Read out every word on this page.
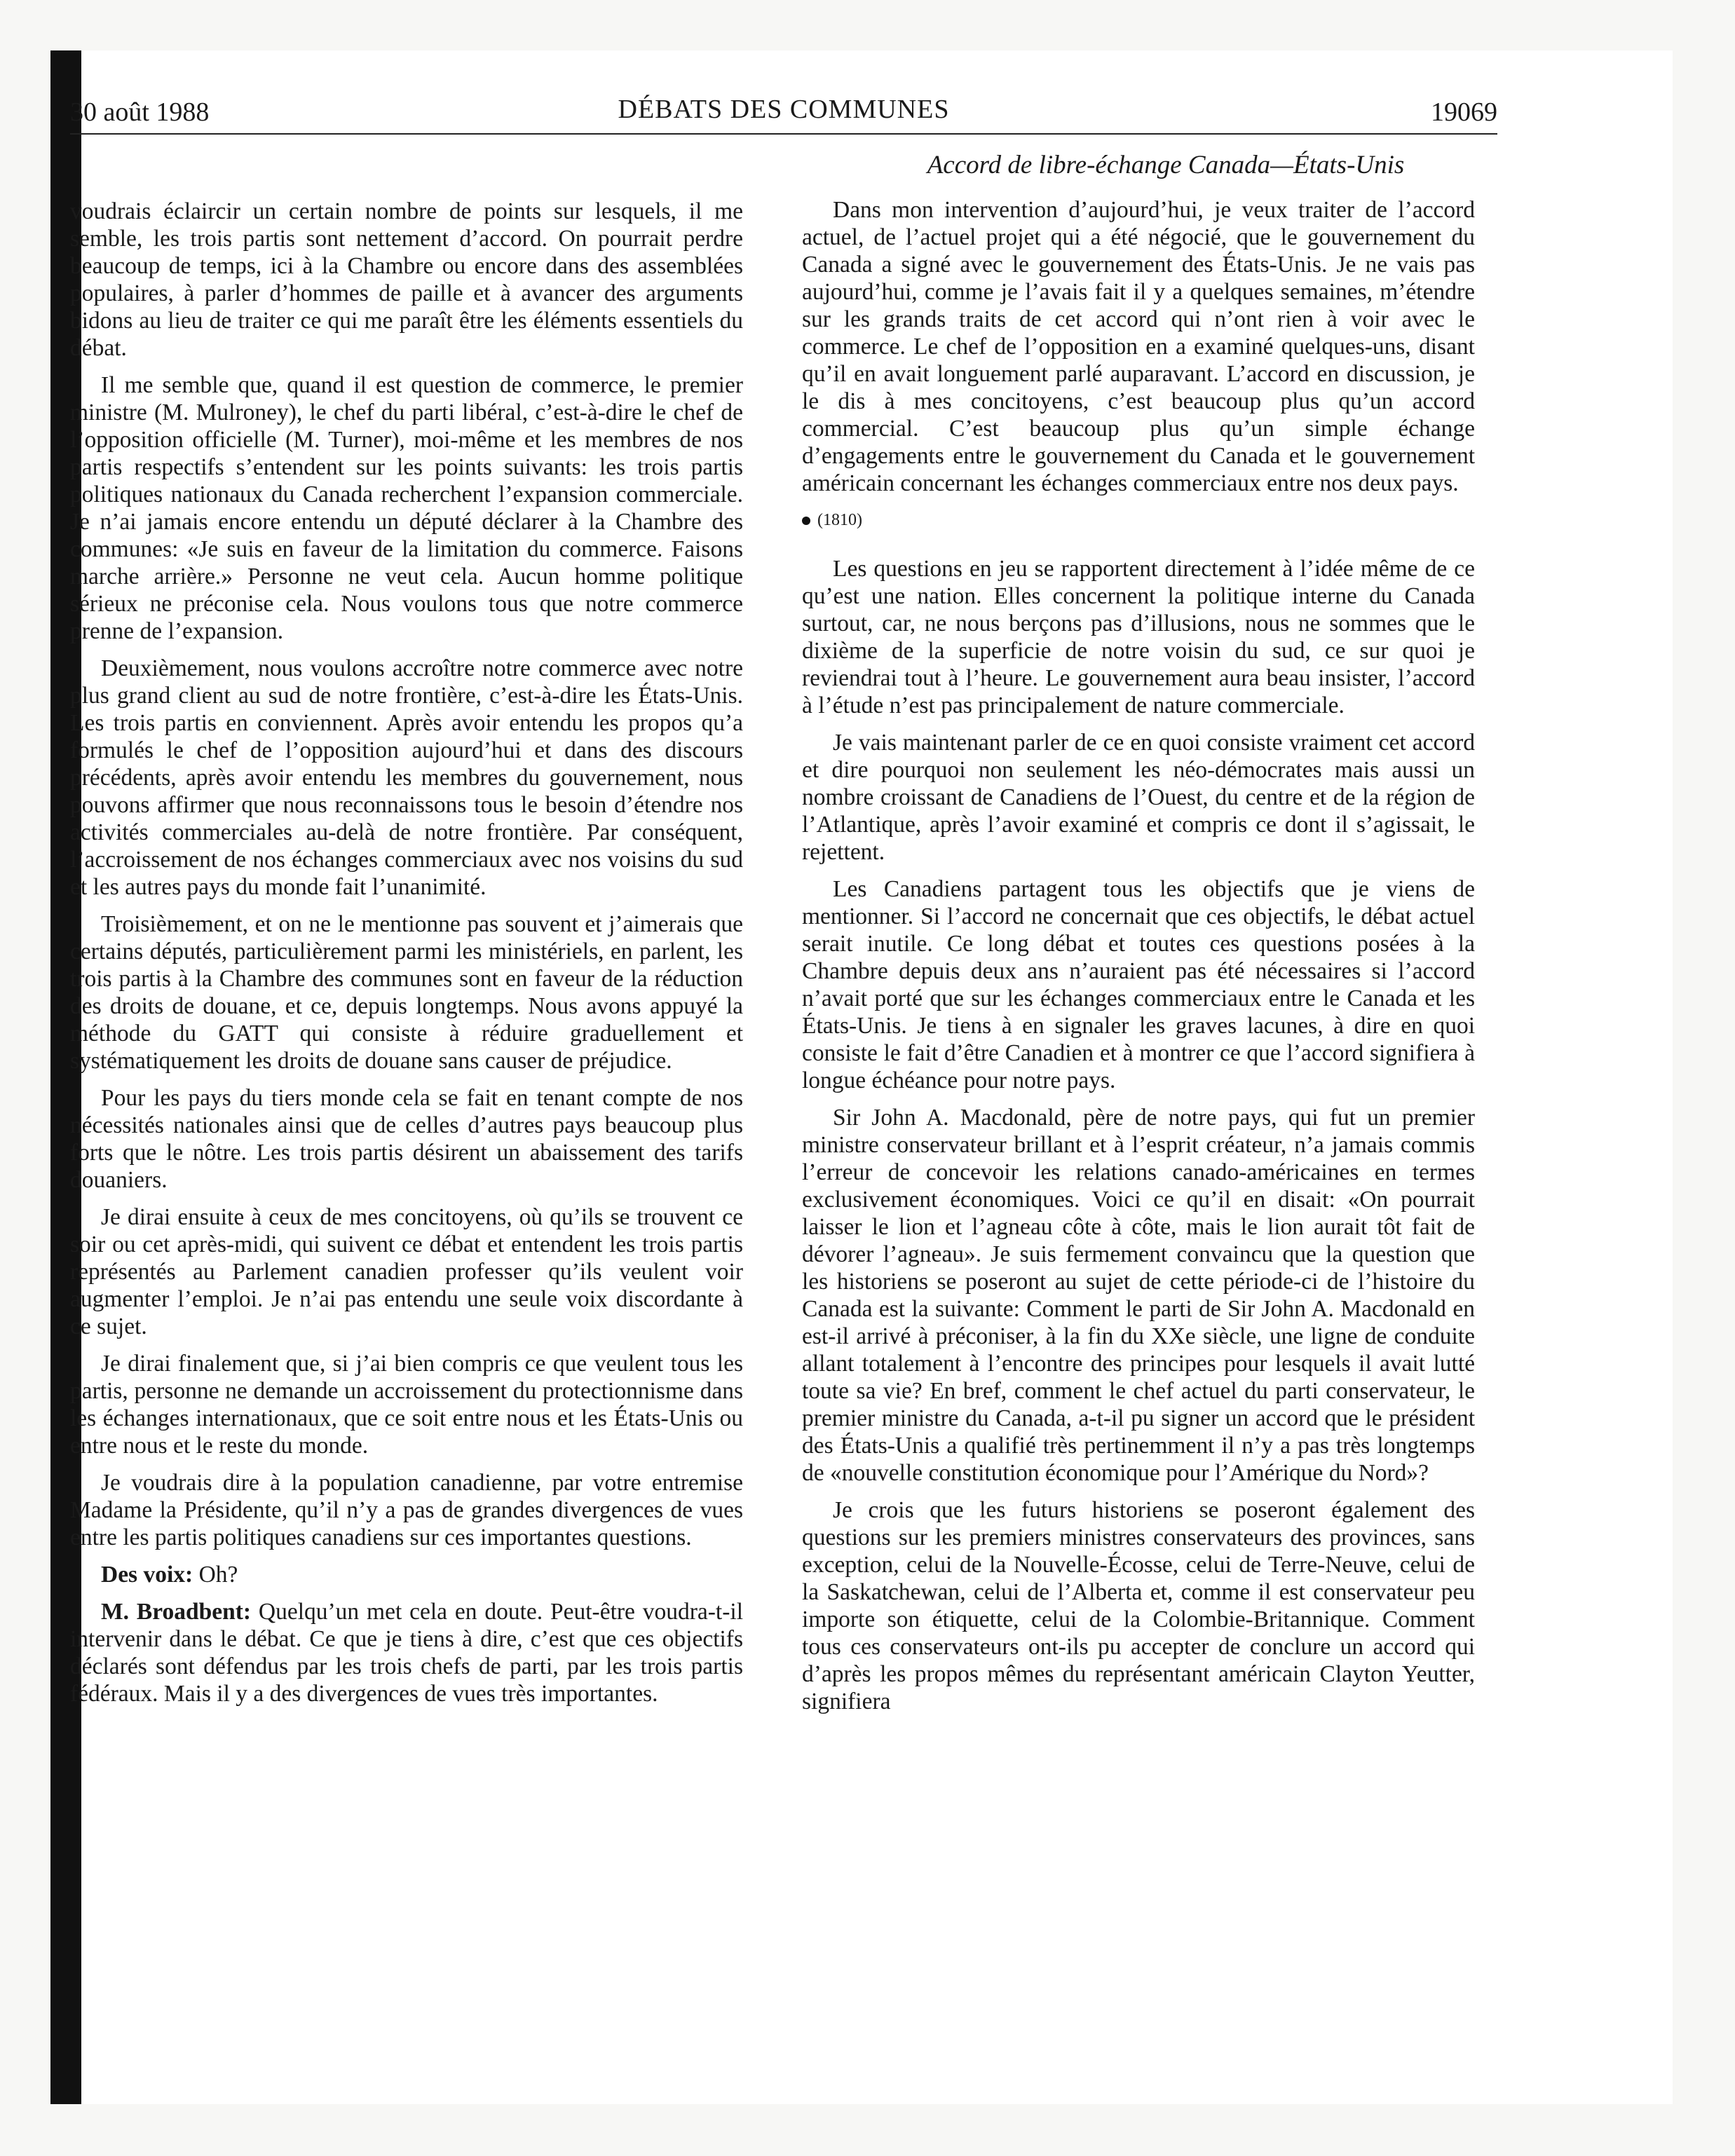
30 août 1988	DÉBATS DES COMMUNES	19069
Accord de libre-échange Canada—États-Unis

voudrais éclaircir un certain nombre de points sur lesquels, il me semble, les trois partis sont nettement d’accord. On pourrait perdre beaucoup de temps, ici à la Chambre ou encore dans des assemblées populaires, à parler d’hommes de paille et à avancer des arguments bidons au lieu de traiter ce qui me paraît être les éléments essentiels du débat.

Il me semble que, quand il est question de commerce, le premier ministre (M. Mulroney), le chef du parti libéral, c’est-à-dire le chef de l’opposition officielle (M. Turner), moi-même et les membres de nos partis respectifs s’entendent sur les points suivants: les trois partis politiques nationaux du Canada recherchent l’expansion commerciale. Je n’ai jamais encore entendu un député déclarer à la Chambre des communes: «Je suis en faveur de la limitation du commerce. Faisons marche arrière.» Personne ne veut cela. Aucun homme politique sérieux ne préconise cela. Nous voulons tous que notre commerce prenne de l’expansion.

Deuxièmement, nous voulons accroître notre commerce avec notre plus grand client au sud de notre frontière, c’est-à-dire les États-Unis. Les trois partis en conviennent. Après avoir entendu les propos qu’a formulés le chef de l’opposition aujourd’hui et dans des discours précédents, après avoir entendu les membres du gouvernement, nous pouvons affirmer que nous reconnaissons tous le besoin d’étendre nos activités commerciales au-delà de notre frontière. Par conséquent, l’accroissement de nos échanges commerciaux avec nos voisins du sud et les autres pays du monde fait l’unanimité.

Troisièmement, et on ne le mentionne pas souvent et j’aimerais que certains députés, particulièrement parmi les ministériels, en parlent, les trois partis à la Chambre des communes sont en faveur de la réduction des droits de douane, et ce, depuis longtemps. Nous avons appuyé la méthode du GATT qui consiste à réduire graduellement et systématiquement les droits de douane sans causer de préjudice.

Pour les pays du tiers monde cela se fait en tenant compte de nos nécessités nationales ainsi que de celles d’autres pays beaucoup plus forts que le nôtre. Les trois partis désirent un abaissement des tarifs douaniers.

Je dirai ensuite à ceux de mes concitoyens, où qu’ils se trouvent ce soir ou cet après-midi, qui suivent ce débat et entendent les trois partis représentés au Parlement canadien professer qu’ils veulent voir augmenter l’emploi. Je n’ai pas entendu une seule voix discordante à ce sujet.

Je dirai finalement que, si j’ai bien compris ce que veulent tous les partis, personne ne demande un accroissement du protectionnisme dans les échanges internationaux, que ce soit entre nous et les États-Unis ou entre nous et le reste du monde.

Je voudrais dire à la population canadienne, par votre entremise Madame la Présidente, qu’il n’y a pas de grandes divergences de vues entre les partis politiques canadiens sur ces importantes questions.

Des voix: Oh?

M. Broadbent: Quelqu’un met cela en doute. Peut-être voudra-t-il intervenir dans le débat. Ce que je tiens à dire, c’est que ces objectifs déclarés sont défendus par les trois chefs de parti, par les trois partis fédéraux. Mais il y a des divergences de vues très importantes.

Dans mon intervention d’aujourd’hui, je veux traiter de l’accord actuel, de l’actuel projet qui a été négocié, que le gouvernement du Canada a signé avec le gouvernement des États-Unis. Je ne vais pas aujourd’hui, comme je l’avais fait il y a quelques semaines, m’étendre sur les grands traits de cet accord qui n’ont rien à voir avec le commerce. Le chef de l’opposition en a examiné quelques-uns, disant qu’il en avait longuement parlé auparavant. L’accord en discussion, je le dis à mes concitoyens, c’est beaucoup plus qu’un accord commercial. C’est beaucoup plus qu’un simple échange d’engagements entre le gouvernement du Canada et le gouvernement américain concernant les échanges commerciaux entre nos deux pays.

(1810)

Les questions en jeu se rapportent directement à l’idée même de ce qu’est une nation. Elles concernent la politique interne du Canada surtout, car, ne nous berçons pas d’illusions, nous ne sommes que le dixième de la superficie de notre voisin du sud, ce sur quoi je reviendrai tout à l’heure. Le gouvernement aura beau insister, l’accord à l’étude n’est pas principalement de nature commerciale.

Je vais maintenant parler de ce en quoi consiste vraiment cet accord et dire pourquoi non seulement les néo-démocrates mais aussi un nombre croissant de Canadiens de l’Ouest, du centre et de la région de l’Atlantique, après l’avoir examiné et compris ce dont il s’agissait, le rejettent.

Les Canadiens partagent tous les objectifs que je viens de mentionner. Si l’accord ne concernait que ces objectifs, le débat actuel serait inutile. Ce long débat et toutes ces questions posées à la Chambre depuis deux ans n’auraient pas été nécessaires si l’accord n’avait porté que sur les échanges commerciaux entre le Canada et les États-Unis. Je tiens à en signaler les graves lacunes, à dire en quoi consiste le fait d’être Canadien et à montrer ce que l’accord signifiera à longue échéance pour notre pays.

Sir John A. Macdonald, père de notre pays, qui fut un premier ministre conservateur brillant et à l’esprit créateur, n’a jamais commis l’erreur de concevoir les relations canado-américaines en termes exclusivement économiques. Voici ce qu’il en disait: «On pourrait laisser le lion et l’agneau côte à côte, mais le lion aurait tôt fait de dévorer l’agneau». Je suis fermement convaincu que la question que les historiens se poseront au sujet de cette période-ci de l’histoire du Canada est la suivante: Comment le parti de Sir John A. Macdonald en est-il arrivé à préconiser, à la fin du XXe siècle, une ligne de conduite allant totalement à l’encontre des principes pour lesquels il avait lutté toute sa vie? En bref, comment le chef actuel du parti conservateur, le premier ministre du Canada, a-t-il pu signer un accord que le président des États-Unis a qualifié très pertinemment il n’y a pas très longtemps de «nouvelle constitution économique pour l’Amérique du Nord»?

Je crois que les futurs historiens se poseront également des questions sur les premiers ministres conservateurs des provinces, sans exception, celui de la Nouvelle-Écosse, celui de Terre-Neuve, celui de la Saskatchewan, celui de l’Alberta et, comme il est conservateur peu importe son étiquette, celui de la Colombie-Britannique. Comment tous ces conservateurs ont-ils pu accepter de conclure un accord qui d’après les propos mêmes du représentant américain Clayton Yeutter, signifiera
